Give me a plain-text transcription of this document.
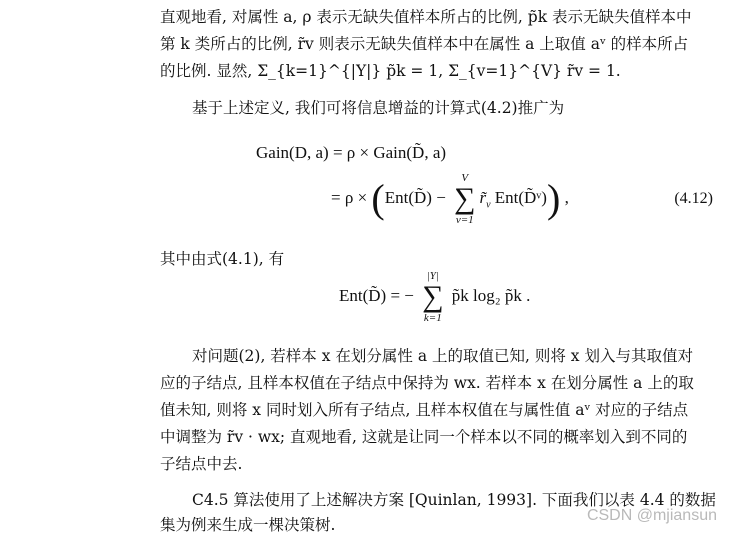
直观地看, 对属性 a, ρ 表示无缺失值样本所占的比例, p̃k 表示无缺失值样本中
第 k 类所占的比例, r̃v 则表示无缺失值样本中在属性 a 上取值 aᵛ 的样本所占
的比例. 显然, Σ_{k=1}^{|Y|} p̃k = 1, Σ_{v=1}^{V} r̃v = 1.
基于上述定义, 我们可将信息增益的计算式(4.2)推广为
Gain(D, a) = ρ × Gain(D̃, a)
= ρ × (Ent(D̃) −
V
∑
v=1
$r̃_v$ Ent(D̃ᵛ)) ,	(4.12)
其中由式(4.1), 有
Ent(D̃) = −
|Y|
∑
k=1
p̃k log₂ p̃k .
对问题(2), 若样本 x 在划分属性 a 上的取值已知, 则将 x 划入与其取值对
应的子结点, 且样本权值在子结点中保持为 wx. 若样本 x 在划分属性 a 上的取
值未知, 则将 x 同时划入所有子结点, 且样本权值在与属性值 aᵛ 对应的子结点
中调整为 r̃v · wx; 直观地看, 这就是让同一个样本以不同的概率划入到不同的
子结点中去.
C4.5 算法使用了上述解决方案 [Quinlan, 1993]. 下面我们以表 4.4 的数据
集为例来生成一棵决策树.
CSDN @mjiansun
